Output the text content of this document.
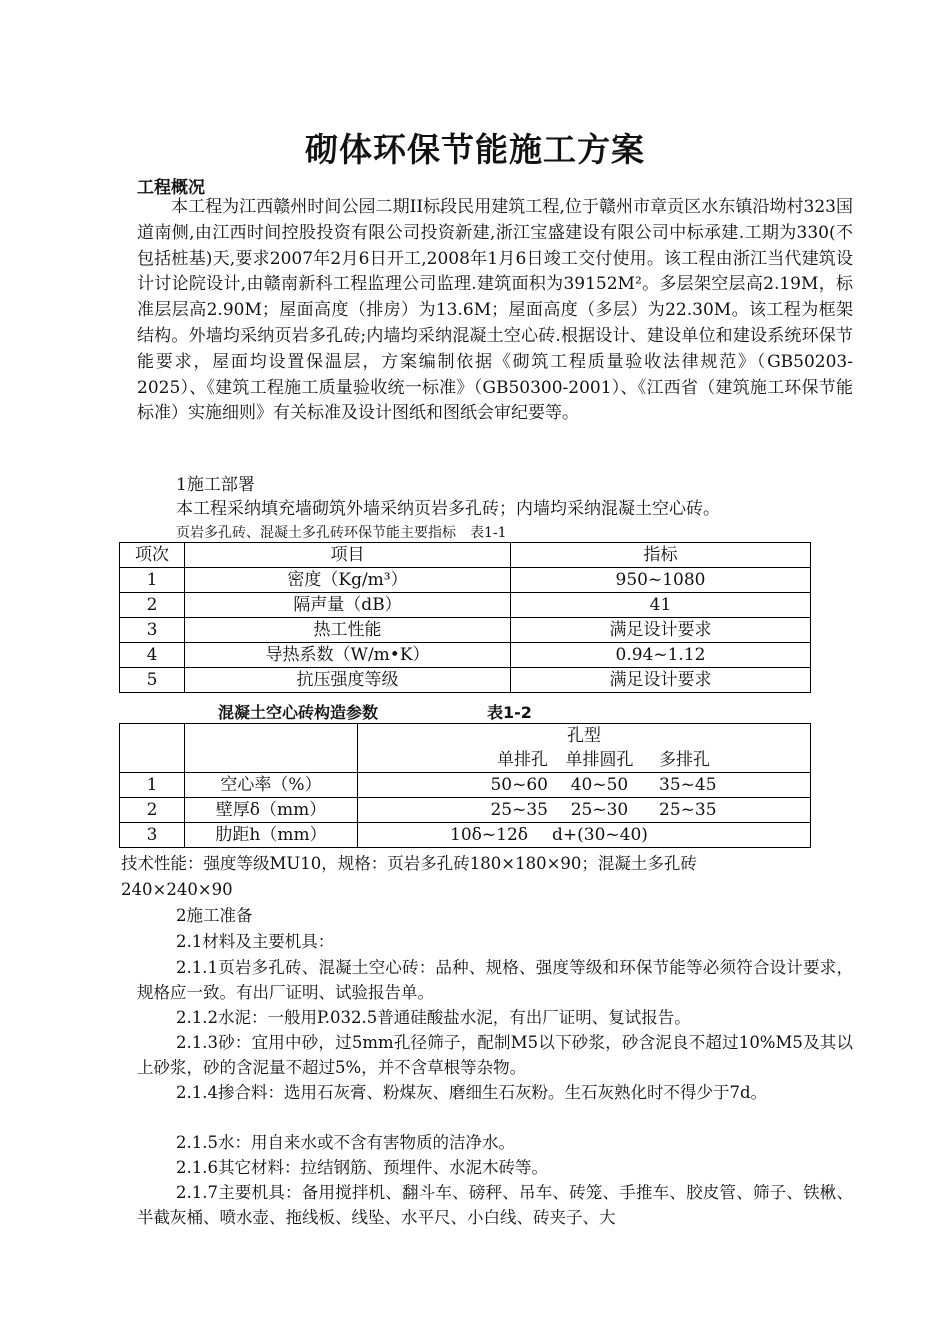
砌体环保节能施工方案
工程概况
本工程为江西赣州时间公园二期II标段民用建筑工程,位于赣州市章贡区水东镇沿坳村323国道南侧,由江西时间控股投资有限公司投资新建,浙江宝盛建设有限公司中标承建.工期为330(不包括桩基)天,要求2007年2月6日开工,2008年1月6日竣工交付使用。该工程由浙江当代建筑设计讨论院设计,由赣南新科工程监理公司监理.建筑面积为39152M²。多层架空层高2.19M，标准层层高2.90M；屋面高度（排房）为13.6M；屋面高度（多层）为22.30M。该工程为框架结构。外墙均采纳页岩多孔砖;内墙均采纳混凝土空心砖.根据设计、建设单位和建设系统环保节能要求，屋面均设置保温层，方案编制依据《砌筑工程质量验收法律规范》（GB50203-2025）、《建筑工程施工质量验收统一标准》（GB50300-2001）、《江西省（建筑施工环保节能标准）实施细则》有关标准及设计图纸和图纸会审纪要等。
1施工部署
本工程采纳填充墙砌筑外墙采纳页岩多孔砖；内墙均采纳混凝土空心砖。
页岩多孔砖、混凝土多孔砖环保节能主要指标　表1-1
项次	项目	指标
1	密度（Kg/m³）	950~1080
2	隔声量（dB）	41
3	热工性能	满足设计要求
4	导热系数（W/m•K）	0.94~1.12
5	抗压强度等级	满足设计要求
混凝土空心砖构造参数	表1-2
		孔型		
		单排孔	单排圆孔	多排孔
1	空心率（%）	50~60	40~50	35~45
2	壁厚δ（mm）	25~35	25~30	25~35
3	肋距h（mm）	10δ~12δ	d+(30~40)	
技术性能：强度等级MU10，规格：页岩多孔砖180×180×90；混凝土多孔砖
240×240×90
2施工准备
2.1材料及主要机具：
2.1.1页岩多孔砖、混凝土空心砖：品种、规格、强度等级和环保节能等必须符合设计要求，规格应一致。有出厂证明、试验报告单。
2.1.2水泥：一般用P.032.5普通硅酸盐水泥，有出厂证明、复试报告。
2.1.3砂：宜用中砂，过5mm孔径筛子，配制M5以下砂浆，砂含泥良不超过10%M5及其以上砂浆，砂的含泥量不超过5%，并不含草根等杂物。
2.1.4掺合料：选用石灰膏、粉煤灰、磨细生石灰粉。生石灰熟化时不得少于7d。
2.1.5水：用自来水或不含有害物质的洁净水。
2.1.6其它材料：拉结钢筋、预埋件、水泥木砖等。
2.1.7主要机具：备用搅拌机、翻斗车、磅秤、吊车、砖笼、手推车、胶皮管、筛子、铁楸、半截灰桶、喷水壶、拖线板、线坠、水平尺、小白线、砖夹子、大
